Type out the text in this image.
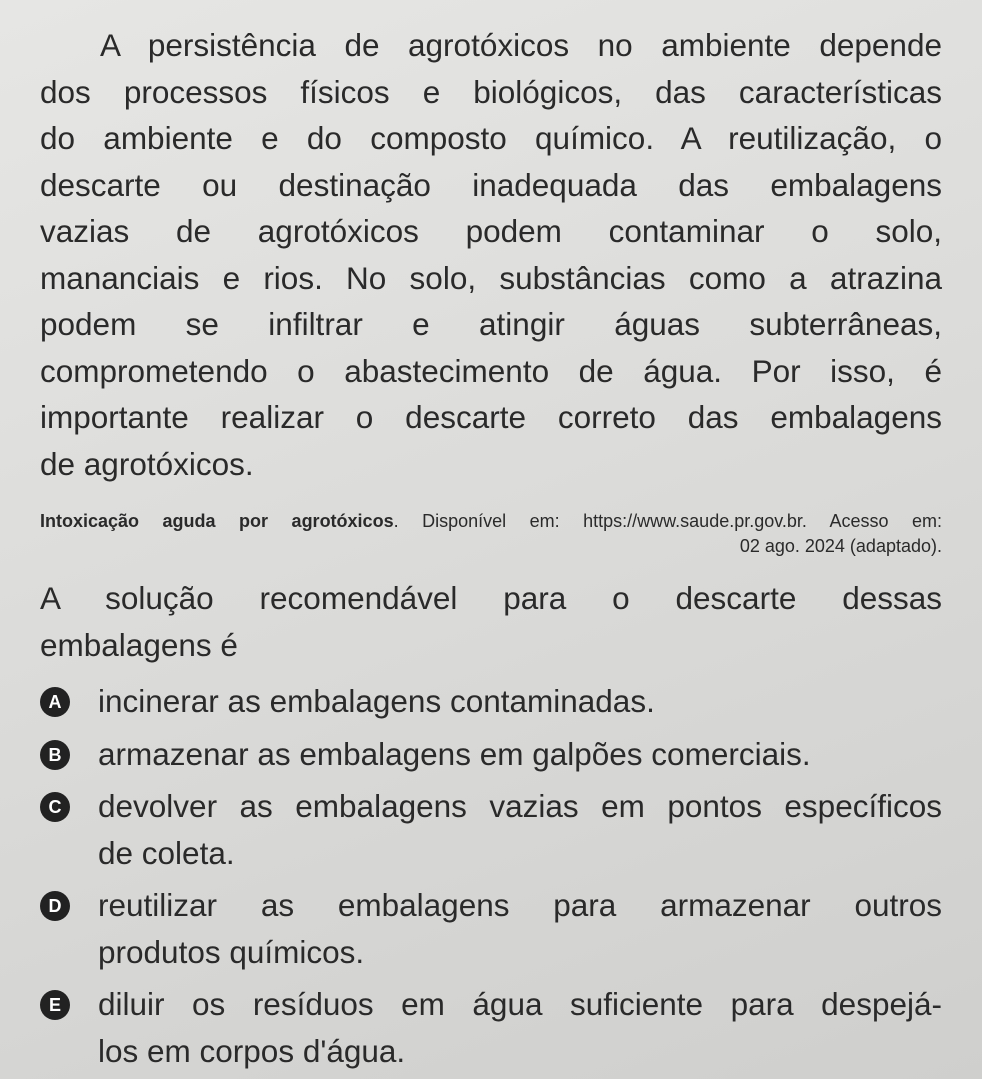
A persistência de agrotóxicos no ambiente depende
dos processos físicos e biológicos, das características
do ambiente e do composto químico. A reutilização, o
descarte ou destinação inadequada das embalagens
vazias de agrotóxicos podem contaminar o solo,
mananciais e rios. No solo, substâncias como a atrazina
podem se infiltrar e atingir águas subterrâneas,
comprometendo o abastecimento de água. Por isso, é
importante realizar o descarte correto das embalagens
de agrotóxicos.
Intoxicação aguda por agrotóxicos. Disponível em: https://www.saude.pr.gov.br. Acesso em:
02 ago. 2024 (adaptado).
A solução recomendável para o descarte dessas
embalagens é
A incinerar as embalagens contaminadas.
B armazenar as embalagens em galpões comerciais.
C devolver as embalagens vazias em pontos específicos
de coleta.
D reutilizar as embalagens para armazenar outros
produtos químicos.
E diluir os resíduos em água suficiente para despejá-
los em corpos d'água.
